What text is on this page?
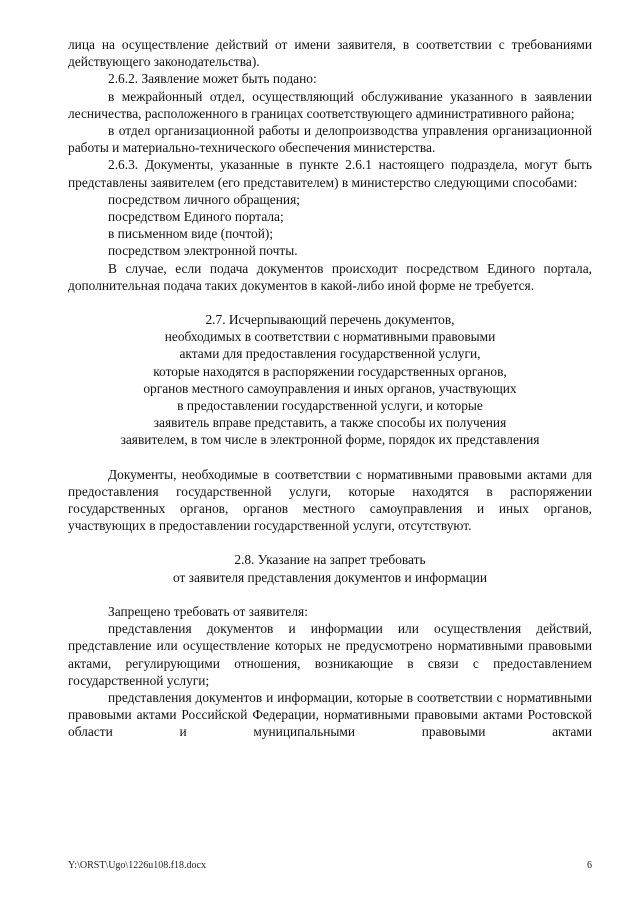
лица на осуществление действий от имени заявителя, в соответствии с требованиями действующего законодательства).

2.6.2. Заявление может быть подано:

в межрайонный отдел, осуществляющий обслуживание указанного в заявлении лесничества, расположенного в границах соответствующего административного района;

в отдел организационной работы и делопроизводства управления организационной работы и материально-технического обеспечения министерства.

2.6.3. Документы, указанные в пункте 2.6.1 настоящего подраздела, могут быть представлены заявителем (его представителем) в министерство следующими способами:

посредством личного обращения;

посредством Единого портала;

в письменном виде (почтой);

посредством электронной почты.

В случае, если подача документов происходит посредством Единого портала, дополнительная подача таких документов в какой-либо иной форме не требуется.

2.7. Исчерпывающий перечень документов,

необходимых в соответствии с нормативными правовыми

актами для предоставления государственной услуги,

которые находятся в распоряжении государственных органов,

органов местного самоуправления и иных органов, участвующих

в предоставлении государственной услуги, и которые

заявитель вправе представить, а также способы их получения

заявителем, в том числе в электронной форме, порядок их представления

Документы, необходимые в соответствии с нормативными правовыми актами для предоставления государственной услуги, которые находятся в распоряжении государственных органов, органов местного самоуправления и иных органов, участвующих в предоставлении государственной услуги, отсутствуют.

2.8. Указание на запрет требовать

от заявителя представления документов и информации

Запрещено требовать от заявителя:

представления документов и информации или осуществления действий, представление или осуществление которых не предусмотрено нормативными правовыми актами, регулирующими отношения, возникающие в связи с предоставлением государственной услуги;

представления документов и информации, которые в соответствии с нормативными правовыми актами Российской Федерации, нормативными правовыми актами Ростовской области и муниципальными правовыми актами

Y:\ORST\Ugo\1226u108.f18.docx	6
